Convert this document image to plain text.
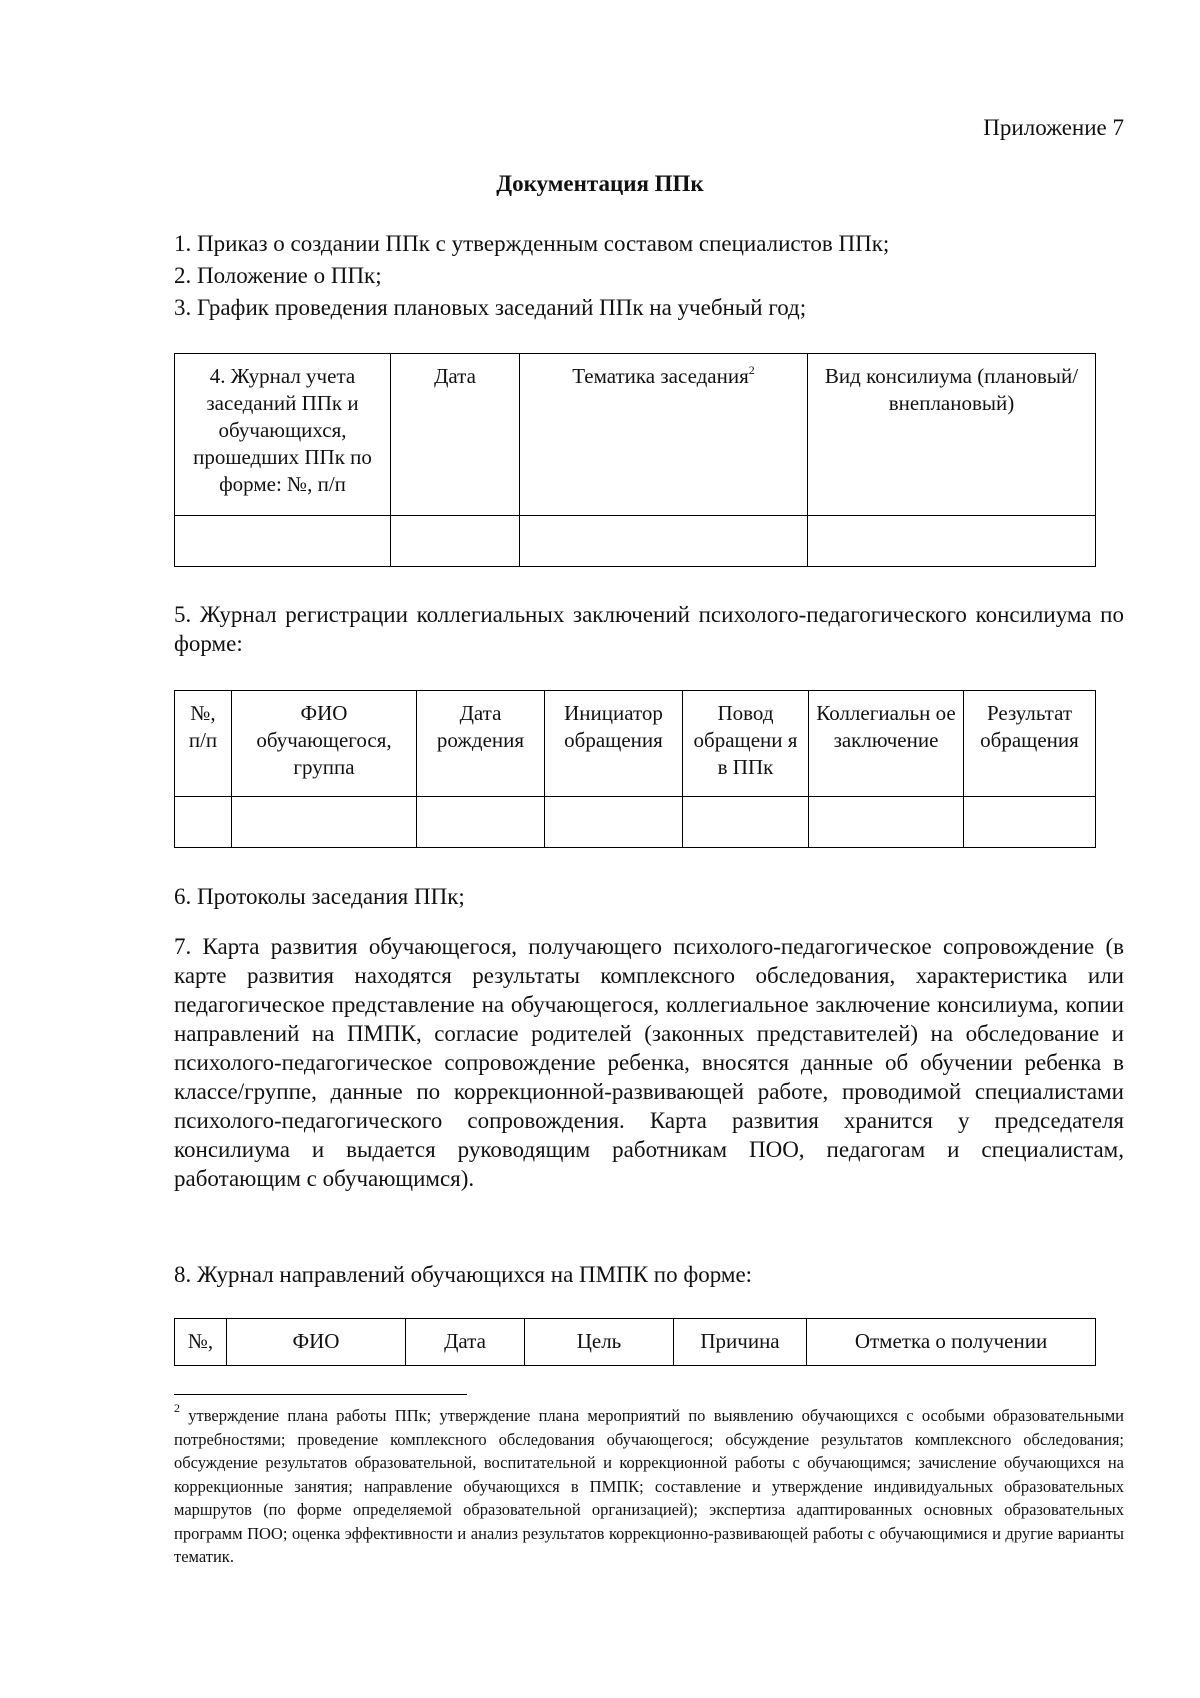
Приложение 7

Документация ППк

1. Приказ о создании ППк с утвержденным составом специалистов ППк;

2. Положение о ППк;

3. График проведения плановых заседаний ППк на учебный год;

4. Журнал учета заседаний ППк и обучающихся, прошедших ППк по форме: №, п/п	Дата	Тематика заседания$^2$	Вид консилиума (плановый/внеплановый)

5. Журнал регистрации коллегиальных заключений психолого-педагогического консилиума по форме:

№, п/п	ФИО обучающегося, группа	Дата рождения	Инициатор обращения	Повод обращени я в ППк	Коллегиальн ое заключение	Результат обращения

6. Протоколы заседания ППк;

7. Карта развития обучающегося, получающего психолого-педагогическое сопровождение (в карте развития находятся результаты комплексного обследования, характеристика или педагогическое представление на обучающегося, коллегиальное заключение консилиума, копии направлений на ПМПК, согласие родителей (законных представителей) на обследование и психолого-педагогическое сопровождение ребенка, вносятся данные об обучении ребенка в классе/группе, данные по коррекционной-развивающей работе, проводимой специалистами психолого-педагогического сопровождения. Карта развития хранится у председателя консилиума и выдается руководящим работникам ПОО, педагогам и специалистам, работающим с обучающимся).

8. Журнал направлений обучающихся на ПМПК по форме:

№,	ФИО	Дата	Цель	Причина	Отметка о получении

$^2$ утверждение плана работы ППк; утверждение плана мероприятий по выявлению обучающихся с особыми образовательными потребностями; проведение комплексного обследования обучающегося; обсуждение результатов комплексного обследования; обсуждение результатов образовательной, воспитательной и коррекционной работы с обучающимся; зачисление обучающихся на коррекционные занятия; направление обучающихся в ПМПК; составление и утверждение индивидуальных образовательных маршрутов (по форме определяемой образовательной организацией); экспертиза адаптированных основных образовательных программ ПОО; оценка эффективности и анализ результатов коррекционно-развивающей работы с обучающимися и другие варианты тематик.
